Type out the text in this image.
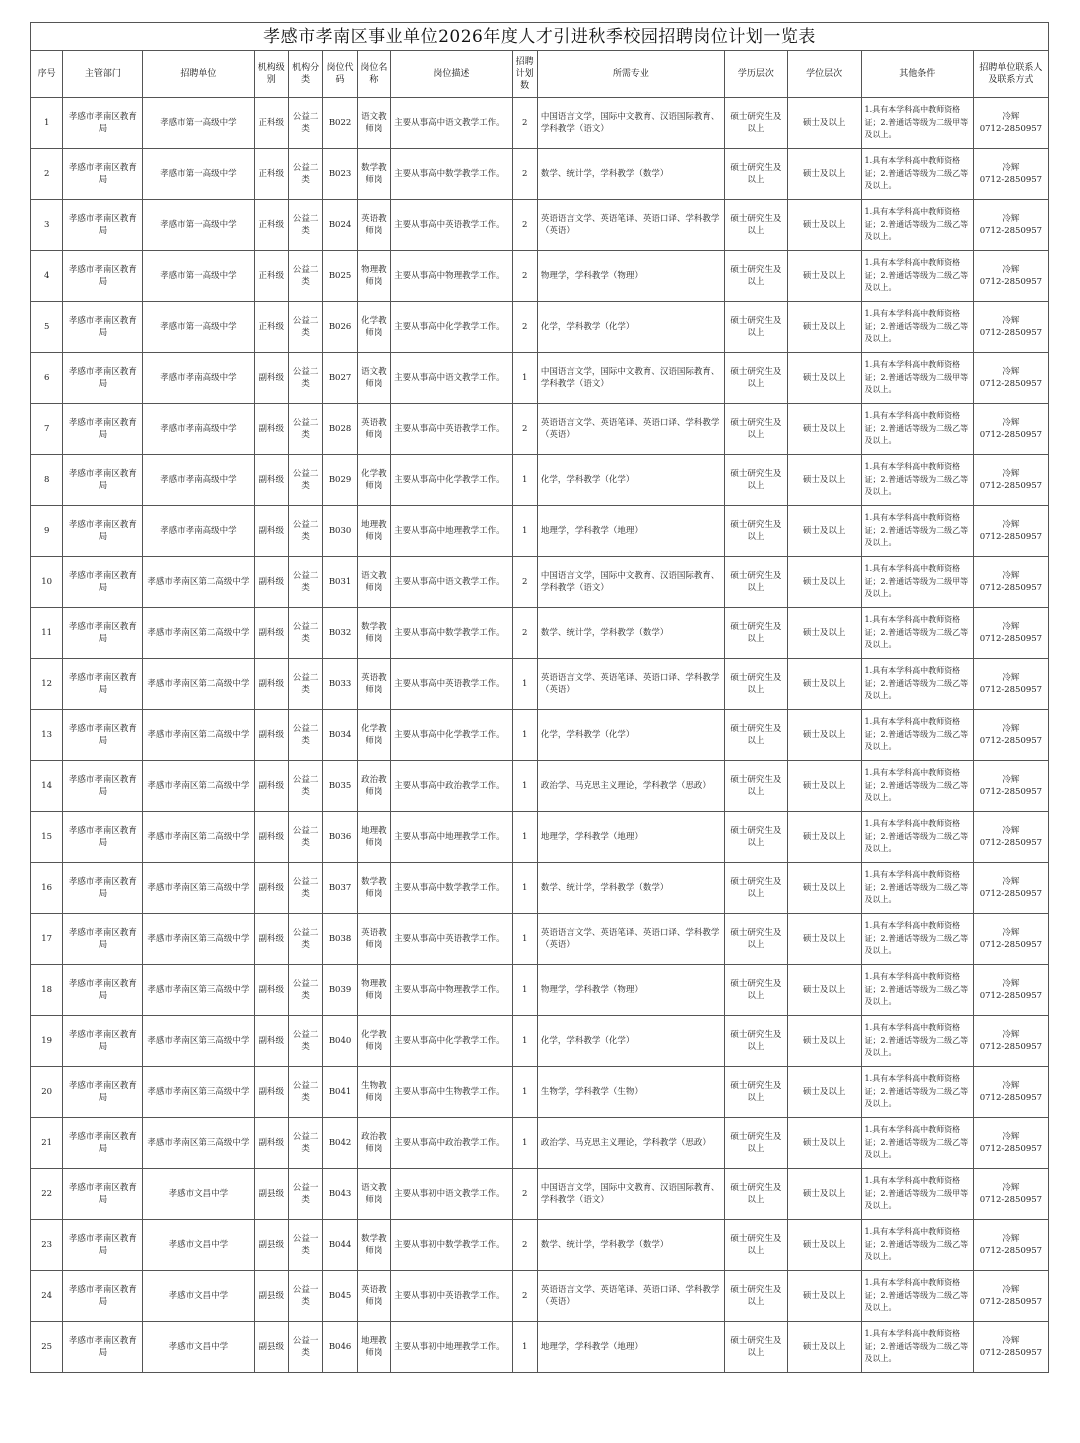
孝感市孝南区事业单位2026年度人才引进秋季校园招聘岗位计划一览表													
序号	主管部门	招聘单位	机构级别	机构分类	岗位代码	岗位名称	岗位描述	招聘计划数	所需专业	学历层次	学位层次	其他条件	招聘单位联系人及联系方式
1	孝感市孝南区教育局	孝感市第一高级中学	正科级	公益二类	B022	语文教师岗	主要从事高中语文教学工作。	2	中国语言文学，国际中文教育、汉语国际教育、学科教学（语文）	硕士研究生及以上	硕士及以上	1.具有本学科高中教师资格证；2.普通话等级为二级甲等及以上。	冷辉
0712-2850957

2	孝感市孝南区教育局	孝感市第一高级中学	正科级	公益二类	B023	数学教师岗	主要从事高中数学教学工作。	2	数学、统计学，学科教学（数学）	硕士研究生及以上	硕士及以上	1.具有本学科高中教师资格证；2.普通话等级为二级乙等及以上。	冷辉
0712-2850957

3	孝感市孝南区教育局	孝感市第一高级中学	正科级	公益二类	B024	英语教师岗	主要从事高中英语教学工作。	2	英语语言文学、英语笔译、英语口译、学科教学（英语）	硕士研究生及以上	硕士及以上	1.具有本学科高中教师资格证；2.普通话等级为二级乙等及以上。	冷辉
0712-2850957

4	孝感市孝南区教育局	孝感市第一高级中学	正科级	公益二类	B025	物理教师岗	主要从事高中物理教学工作。	2	物理学，学科教学（物理）	硕士研究生及以上	硕士及以上	1.具有本学科高中教师资格证；2.普通话等级为二级乙等及以上。	冷辉
0712-2850957

5	孝感市孝南区教育局	孝感市第一高级中学	正科级	公益二类	B026	化学教师岗	主要从事高中化学教学工作。	2	化学，学科教学（化学）	硕士研究生及以上	硕士及以上	1.具有本学科高中教师资格证；2.普通话等级为二级乙等及以上。	冷辉
0712-2850957

6	孝感市孝南区教育局	孝感市孝南高级中学	副科级	公益二类	B027	语文教师岗	主要从事高中语文教学工作。	1	中国语言文学，国际中文教育、汉语国际教育、学科教学（语文）	硕士研究生及以上	硕士及以上	1.具有本学科高中教师资格证；2.普通话等级为二级甲等及以上。	冷辉
0712-2850957

7	孝感市孝南区教育局	孝感市孝南高级中学	副科级	公益二类	B028	英语教师岗	主要从事高中英语教学工作。	2	英语语言文学、英语笔译、英语口译、学科教学（英语）	硕士研究生及以上	硕士及以上	1.具有本学科高中教师资格证；2.普通话等级为二级乙等及以上。	冷辉
0712-2850957

8	孝感市孝南区教育局	孝感市孝南高级中学	副科级	公益二类	B029	化学教师岗	主要从事高中化学教学工作。	1	化学，学科教学（化学）	硕士研究生及以上	硕士及以上	1.具有本学科高中教师资格证；2.普通话等级为二级乙等及以上。	冷辉
0712-2850957

9	孝感市孝南区教育局	孝感市孝南高级中学	副科级	公益二类	B030	地理教师岗	主要从事高中地理教学工作。	1	地理学，学科教学（地理）	硕士研究生及以上	硕士及以上	1.具有本学科高中教师资格证；2.普通话等级为二级乙等及以上。	冷辉
0712-2850957

10	孝感市孝南区教育局	孝感市孝南区第二高级中学	副科级	公益二类	B031	语文教师岗	主要从事高中语文教学工作。	2	中国语言文学，国际中文教育、汉语国际教育、学科教学（语文）	硕士研究生及以上	硕士及以上	1.具有本学科高中教师资格证；2.普通话等级为二级甲等及以上。	冷辉
0712-2850957

11	孝感市孝南区教育局	孝感市孝南区第二高级中学	副科级	公益二类	B032	数学教师岗	主要从事高中数学教学工作。	2	数学、统计学，学科教学（数学）	硕士研究生及以上	硕士及以上	1.具有本学科高中教师资格证；2.普通话等级为二级乙等及以上。	冷辉
0712-2850957

12	孝感市孝南区教育局	孝感市孝南区第二高级中学	副科级	公益二类	B033	英语教师岗	主要从事高中英语教学工作。	1	英语语言文学、英语笔译、英语口译、学科教学（英语）	硕士研究生及以上	硕士及以上	1.具有本学科高中教师资格证；2.普通话等级为二级乙等及以上。	冷辉
0712-2850957

13	孝感市孝南区教育局	孝感市孝南区第二高级中学	副科级	公益二类	B034	化学教师岗	主要从事高中化学教学工作。	1	化学，学科教学（化学）	硕士研究生及以上	硕士及以上	1.具有本学科高中教师资格证；2.普通话等级为二级乙等及以上。	冷辉
0712-2850957

14	孝感市孝南区教育局	孝感市孝南区第二高级中学	副科级	公益二类	B035	政治教师岗	主要从事高中政治教学工作。	1	政治学、马克思主义理论，学科教学（思政）	硕士研究生及以上	硕士及以上	1.具有本学科高中教师资格证；2.普通话等级为二级乙等及以上。	冷辉
0712-2850957

15	孝感市孝南区教育局	孝感市孝南区第二高级中学	副科级	公益二类	B036	地理教师岗	主要从事高中地理教学工作。	1	地理学，学科教学（地理）	硕士研究生及以上	硕士及以上	1.具有本学科高中教师资格证；2.普通话等级为二级乙等及以上。	冷辉
0712-2850957

16	孝感市孝南区教育局	孝感市孝南区第三高级中学	副科级	公益二类	B037	数学教师岗	主要从事高中数学教学工作。	1	数学、统计学，学科教学（数学）	硕士研究生及以上	硕士及以上	1.具有本学科高中教师资格证；2.普通话等级为二级乙等及以上。	冷辉
0712-2850957

17	孝感市孝南区教育局	孝感市孝南区第三高级中学	副科级	公益二类	B038	英语教师岗	主要从事高中英语教学工作。	1	英语语言文学、英语笔译、英语口译、学科教学（英语）	硕士研究生及以上	硕士及以上	1.具有本学科高中教师资格证；2.普通话等级为二级乙等及以上。	冷辉
0712-2850957

18	孝感市孝南区教育局	孝感市孝南区第三高级中学	副科级	公益二类	B039	物理教师岗	主要从事高中物理教学工作。	1	物理学，学科教学（物理）	硕士研究生及以上	硕士及以上	1.具有本学科高中教师资格证；2.普通话等级为二级乙等及以上。	冷辉
0712-2850957

19	孝感市孝南区教育局	孝感市孝南区第三高级中学	副科级	公益二类	B040	化学教师岗	主要从事高中化学教学工作。	1	化学，学科教学（化学）	硕士研究生及以上	硕士及以上	1.具有本学科高中教师资格证；2.普通话等级为二级乙等及以上。	冷辉
0712-2850957

20	孝感市孝南区教育局	孝感市孝南区第三高级中学	副科级	公益二类	B041	生物教师岗	主要从事高中生物教学工作。	1	生物学，学科教学（生物）	硕士研究生及以上	硕士及以上	1.具有本学科高中教师资格证；2.普通话等级为二级乙等及以上。	冷辉
0712-2850957

21	孝感市孝南区教育局	孝感市孝南区第三高级中学	副科级	公益二类	B042	政治教师岗	主要从事高中政治教学工作。	1	政治学、马克思主义理论，学科教学（思政）	硕士研究生及以上	硕士及以上	1.具有本学科高中教师资格证；2.普通话等级为二级乙等及以上。	冷辉
0712-2850957

22	孝感市孝南区教育局	孝感市文昌中学	副县级	公益一类	B043	语文教师岗	主要从事初中语文教学工作。	2	中国语言文学，国际中文教育、汉语国际教育、学科教学（语文）	硕士研究生及以上	硕士及以上	1.具有本学科高中教师资格证；2.普通话等级为二级甲等及以上。	冷辉
0712-2850957

23	孝感市孝南区教育局	孝感市文昌中学	副县级	公益一类	B044	数学教师岗	主要从事初中数学教学工作。	2	数学、统计学，学科教学（数学）	硕士研究生及以上	硕士及以上	1.具有本学科高中教师资格证；2.普通话等级为二级乙等及以上。	冷辉
0712-2850957

24	孝感市孝南区教育局	孝感市文昌中学	副县级	公益一类	B045	英语教师岗	主要从事初中英语教学工作。	2	英语语言文学、英语笔译、英语口译、学科教学（英语）	硕士研究生及以上	硕士及以上	1.具有本学科高中教师资格证；2.普通话等级为二级乙等及以上。	冷辉
0712-2850957

25	孝感市孝南区教育局	孝感市文昌中学	副县级	公益一类	B046	地理教师岗	主要从事初中地理教学工作。	1	地理学，学科教学（地理）	硕士研究生及以上	硕士及以上	1.具有本学科高中教师资格证；2.普通话等级为二级乙等及以上。	冷辉
0712-2850957
